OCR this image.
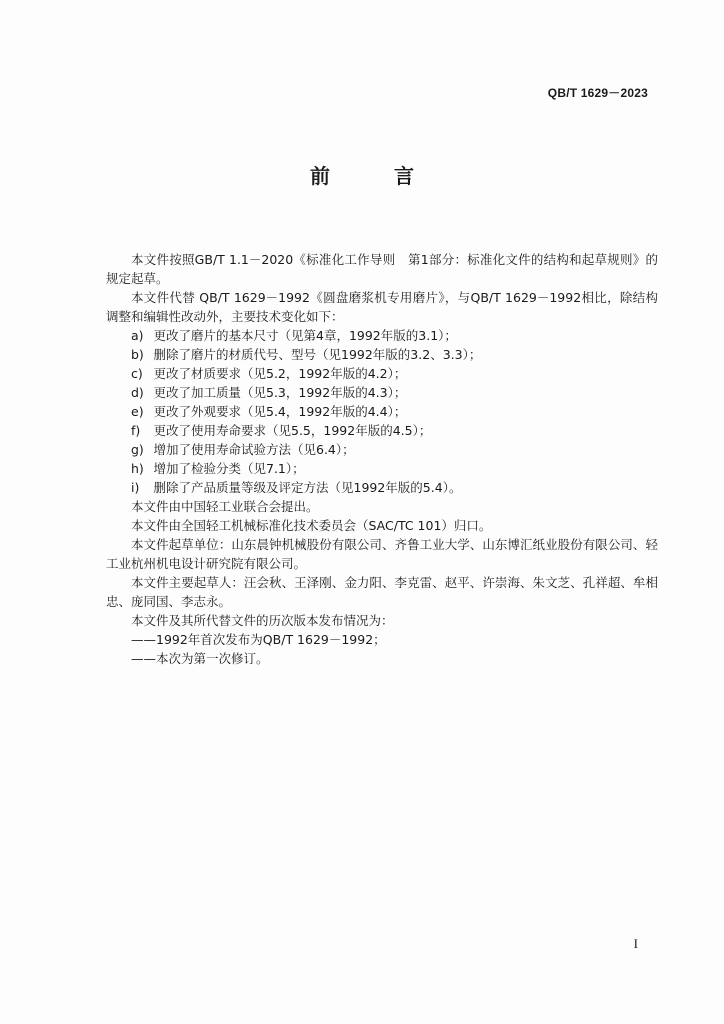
QB/T 1629－2023
前　言

本文件按照GB/T 1.1－2020《标准化工作导则　第1部分：标准化文件的结构和起草规则》的规定起草。

本文件代替 QB/T 1629－1992《圆盘磨浆机专用磨片》，与QB/T 1629－1992相比，除结构调整和编辑性改动外，主要技术变化如下：

a) 更改了磨片的基本尺寸（见第4章，1992年版的3.1）；
b) 删除了磨片的材质代号、型号（见1992年版的3.2、3.3）；
c) 更改了材质要求（见5.2，1992年版的4.2）；
d) 更改了加工质量（见5.3，1992年版的4.3）；
e) 更改了外观要求（见5.4，1992年版的4.4）；
f) 更改了使用寿命要求（见5.5，1992年版的4.5）；
g) 增加了使用寿命试验方法（见6.4）；
h) 增加了检验分类（见7.1）；
i) 删除了产品质量等级及评定方法（见1992年版的5.4）。

本文件由中国轻工业联合会提出。

本文件由全国轻工机械标准化技术委员会（SAC/TC 101）归口。

本文件起草单位：山东晨钟机械股份有限公司、齐鲁工业大学、山东博汇纸业股份有限公司、轻工业杭州机电设计研究院有限公司。

本文件主要起草人：汪会秋、王泽刚、金力阳、李克雷、赵平、许崇海、朱文芝、孔祥超、牟相忠、庞同国、李志永。

本文件及其所代替文件的历次版本发布情况为：

——1992年首次发布为QB/T 1629－1992；
——本次为第一次修订。
I
